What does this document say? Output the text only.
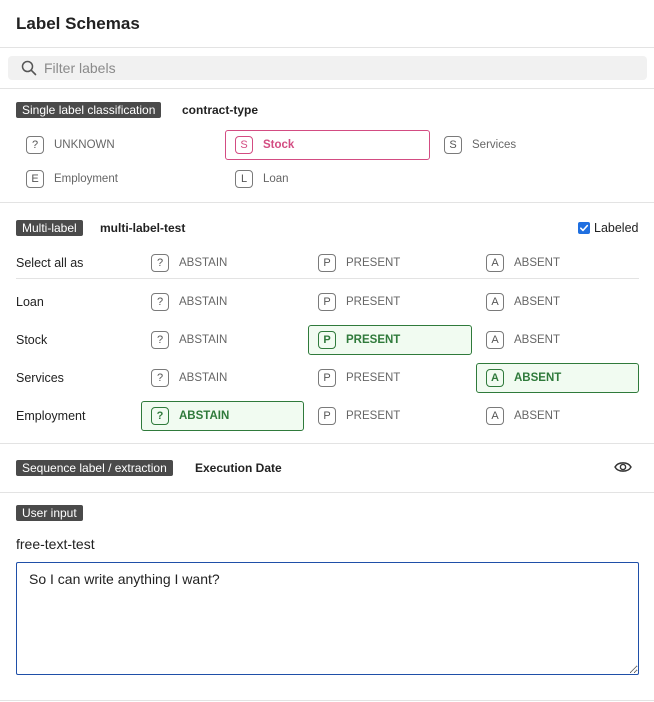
Label Schemas
Filter labels
Single label classification	contract-type
?	UNKNOWN	S	Stock	S	Services
E	Employment	L	Loan
Multi-label	multi-label-test	Labeled
Select all as	?	ABSTAIN	P	PRESENT	A	ABSENT
Loan	?	ABSTAIN	P	PRESENT	A	ABSENT
Stock	?	ABSTAIN	P	PRESENT	A	ABSENT
Services	?	ABSTAIN	P	PRESENT	A	ABSENT
Employment	?	ABSTAIN	P	PRESENT	A	ABSENT
Sequence label / extraction	Execution Date
User input
free-text-test
So I can write anything I want?
